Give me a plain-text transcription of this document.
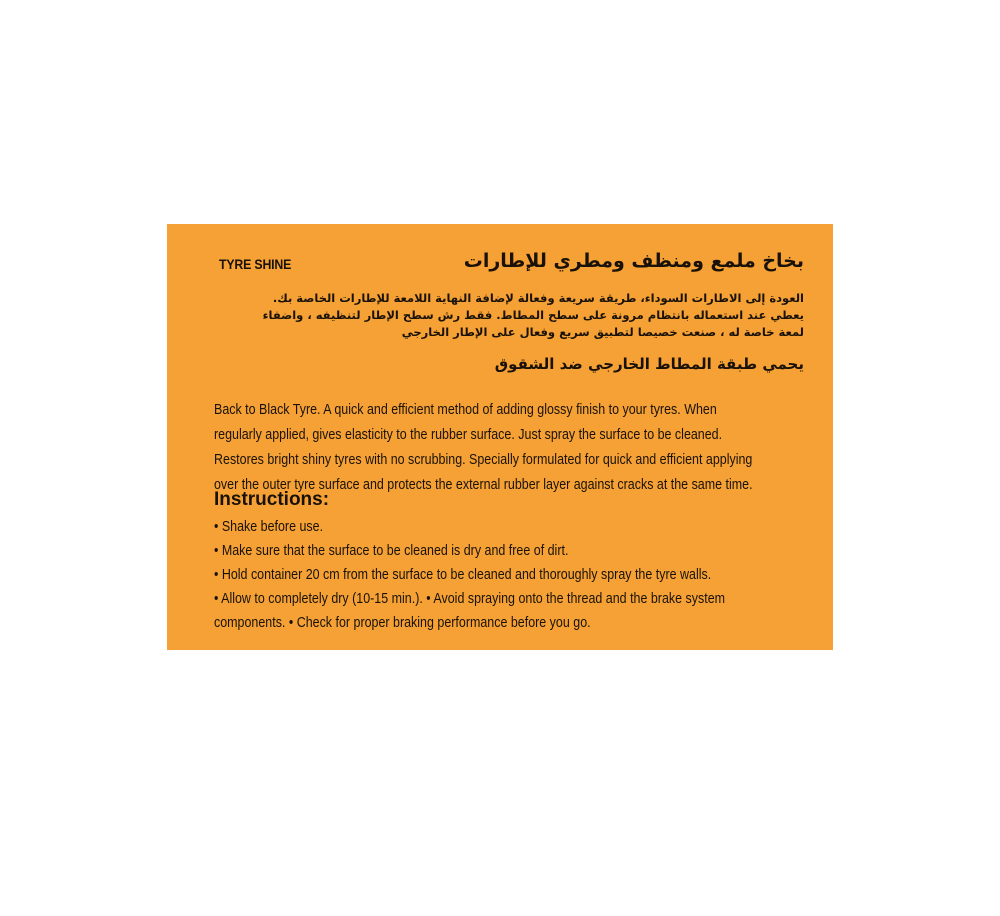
TYRE SHINE	بخاخ ملمع ومنظف ومطري للإطارات
العودة إلى الاطارات السوداء، طريقة سريعة وفعالة لإضافة النهاية اللامعة للإطارات الخاصة بك.
يعطي عند استعماله بانتظام مرونة على سطح المطاط. فقط رش سطح الإطار لتنظيفه ، واضفاء
لمعة خاصة له ، صنعت خصيصا لتطبيق سريع وفعال على الإطار الخارجي
يحمي طبقة المطاط الخارجي ضد الشقوق
Back to Black Tyre. A quick and efficient method of adding glossy finish to your tyres. When
regularly applied, gives elasticity to the rubber surface. Just spray the surface to be cleaned.
Restores bright shiny tyres with no scrubbing. Specially formulated for quick and efficient applying
over the outer tyre surface and protects the external rubber layer against cracks at the same time.
Instructions:
• Shake before use.
• Make sure that the surface to be cleaned is dry and free of dirt.
• Hold container 20 cm from the surface to be cleaned and thoroughly spray the tyre walls.
• Allow to completely dry (10-15 min.). • Avoid spraying onto the thread and the brake system
components. • Check for proper braking performance before you go.
